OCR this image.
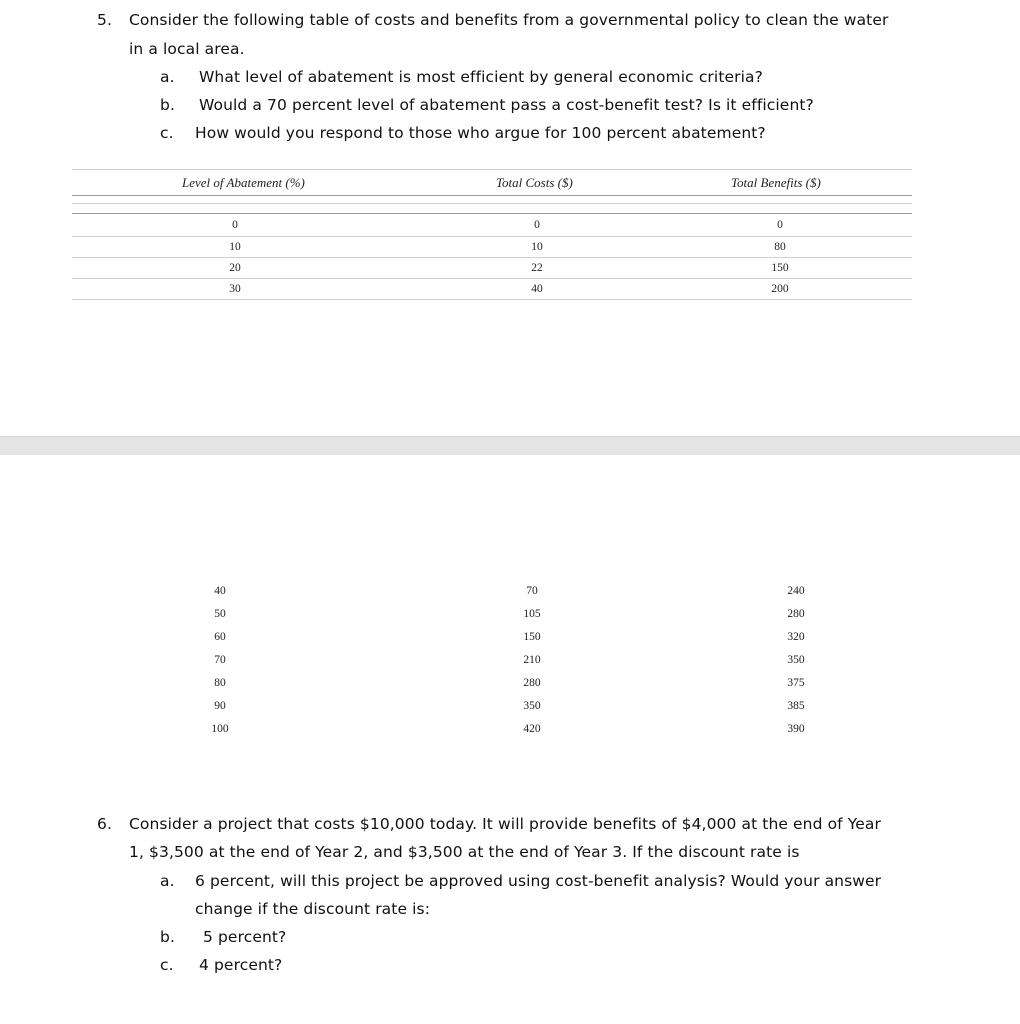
5. Consider the following table of costs and benefits from a governmental policy to clean the water
in a local area.
a. What level of abatement is most efficient by general economic criteria?
b. Would a 70 percent level of abatement pass a cost-benefit test? Is it efficient?
c. How would you respond to those who argue for 100 percent abatement?
Level of Abatement (%)	Total Costs ($)	Total Benefits ($)
0	0	0
10	10	80
20	22	150
30	40	200
40	70	240
50	105	280
60	150	320
70	210	350
80	280	375
90	350	385
100	420	390
6. Consider a project that costs $10,000 today. It will provide benefits of $4,000 at the end of Year
1, $3,500 at the end of Year 2, and $3,500 at the end of Year 3. If the discount rate is
a. 6 percent, will this project be approved using cost-benefit analysis? Would your answer
change if the discount rate is:
b. 5 percent?
c. 4 percent?
